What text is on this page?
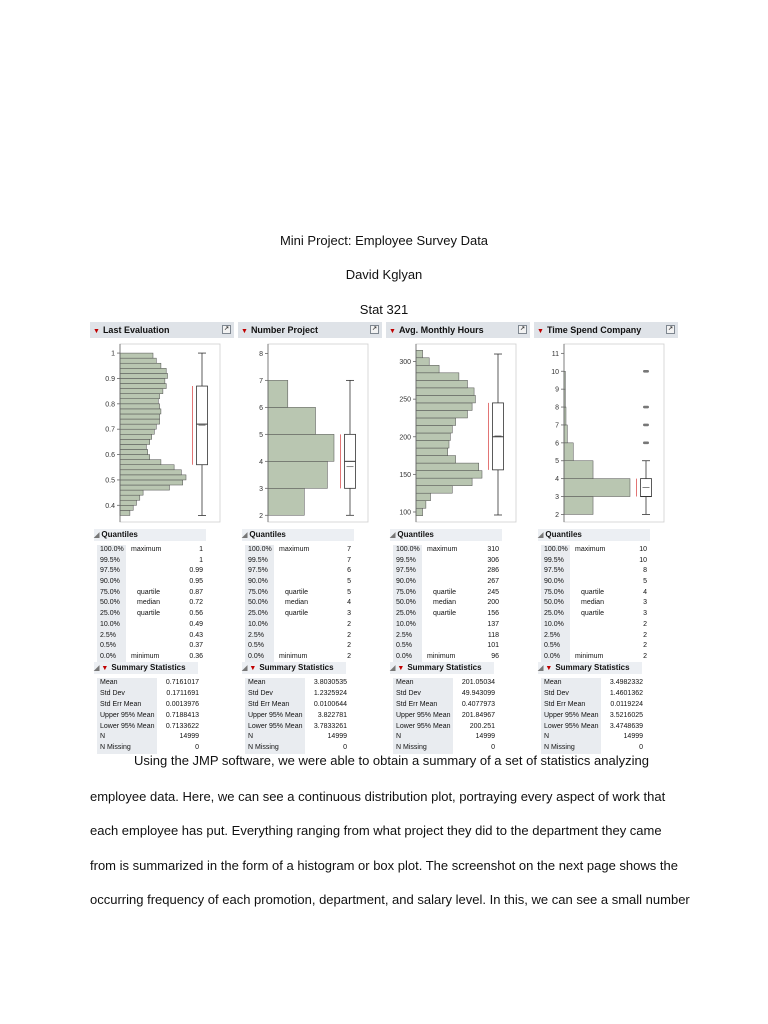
Mini Project: Employee Survey Data
David Kglyan
Stat 321
▼ Last Evaluation	↗
0.4
0.5
0.6
0.7
0.8
0.9
1
◢ Quantiles
100.0% maximum	1
99.5%	1
97.5%	0.99
90.0%	0.95
75.0% quartile	0.87
50.0% median	0.72
25.0% quartile	0.56
10.0%	0.49
2.5%	0.43
0.5%	0.37
0.0% minimum	0.36
◢ ▼ Summary Statistics
Mean	0.7161017
Std Dev	0.1711691
Std Err Mean	0.0013976
Upper 95% Mean 0.7188413
Lower 95% Mean 0.7133622
N	14999
N Missing	0
▼ Number Project	↗
2
3
4
5
6
7
8
◢ Quantiles
100.0% maximum	7
99.5%	7
97.5%	6
90.0%	5
75.0% quartile	5
50.0% median	4
25.0% quartile	3
10.0%	2
2.5%	2
0.5%	2
0.0% minimum	2
◢ ▼ Summary Statistics
Mean	3.8030535
Std Dev	1.2325924
Std Err Mean	0.0100644
Upper 95% Mean 3.822781
Lower 95% Mean 3.7833261
N	14999
N Missing	0
▼ Avg. Monthly Hours	↗
100
150
200
250
300
◢ Quantiles
100.0% maximum	310
99.5%	306
97.5%	286
90.0%	267
75.0% quartile	245
50.0% median	200
25.0% quartile	156
10.0%	137
2.5%	118
0.5%	101
0.0% minimum	96
◢ ▼ Summary Statistics
Mean	201.05034
Std Dev	49.943099
Std Err Mean	0.4077973
Upper 95% Mean 201.84967
Lower 95% Mean	200.251
N	14999
N Missing	0
▼ Time Spend Company	↗
2
3
4
5
6
7
8
9
10
11
◢ Quantiles
100.0% maximum	10
99.5%	10
97.5%	8
90.0%	5
75.0% quartile	4
50.0% median	3
25.0% quartile	3
10.0%	2
2.5%	2
0.5%	2
0.0% minimum	2
◢ ▼ Summary Statistics
Mean	3.4982332
Std Dev	1.4601362
Std Err Mean	0.0119224
Upper 95% Mean 3.5216025
Lower 95% Mean 3.4748639
N	14999
N Missing	0
Using the JMP software, we were able to obtain a summary of a set of statistics analyzing
employee data. Here, we can see a continuous distribution plot, portraying every aspect of work that
each employee has put. Everything ranging from what project they did to the department they came
from is summarized in the form of a histogram or box plot. The screenshot on the next page shows the
occurring frequency of each promotion, department, and salary level. In this, we can see a small number
